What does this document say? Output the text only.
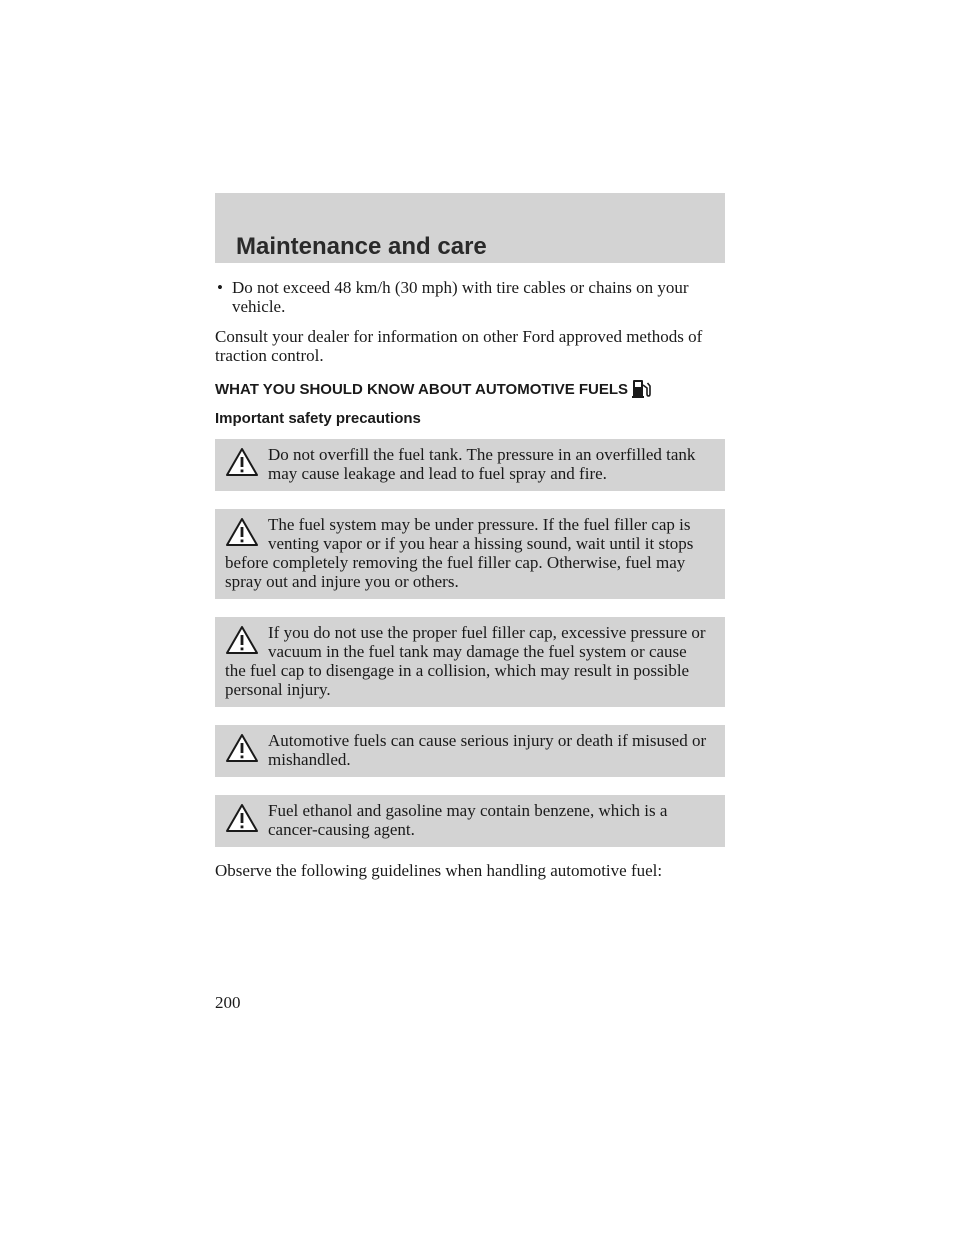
Maintenance and care
• Do not exceed 48 km/h (30 mph) with tire cables or chains on your
vehicle.
Consult your dealer for information on other Ford approved methods of
traction control.
WHAT YOU SHOULD KNOW ABOUT AUTOMOTIVE FUELS
Important safety precautions
Do not overfill the fuel tank. The pressure in an overfilled tank
may cause leakage and lead to fuel spray and fire.
The fuel system may be under pressure. If the fuel filler cap is
venting vapor or if you hear a hissing sound, wait until it stops
before completely removing the fuel filler cap. Otherwise, fuel may
spray out and injure you or others.
If you do not use the proper fuel filler cap, excessive pressure or
vacuum in the fuel tank may damage the fuel system or cause
the fuel cap to disengage in a collision, which may result in possible
personal injury.
Automotive fuels can cause serious injury or death if misused or
mishandled.
Fuel ethanol and gasoline may contain benzene, which is a
cancer-causing agent.
Observe the following guidelines when handling automotive fuel:
200
